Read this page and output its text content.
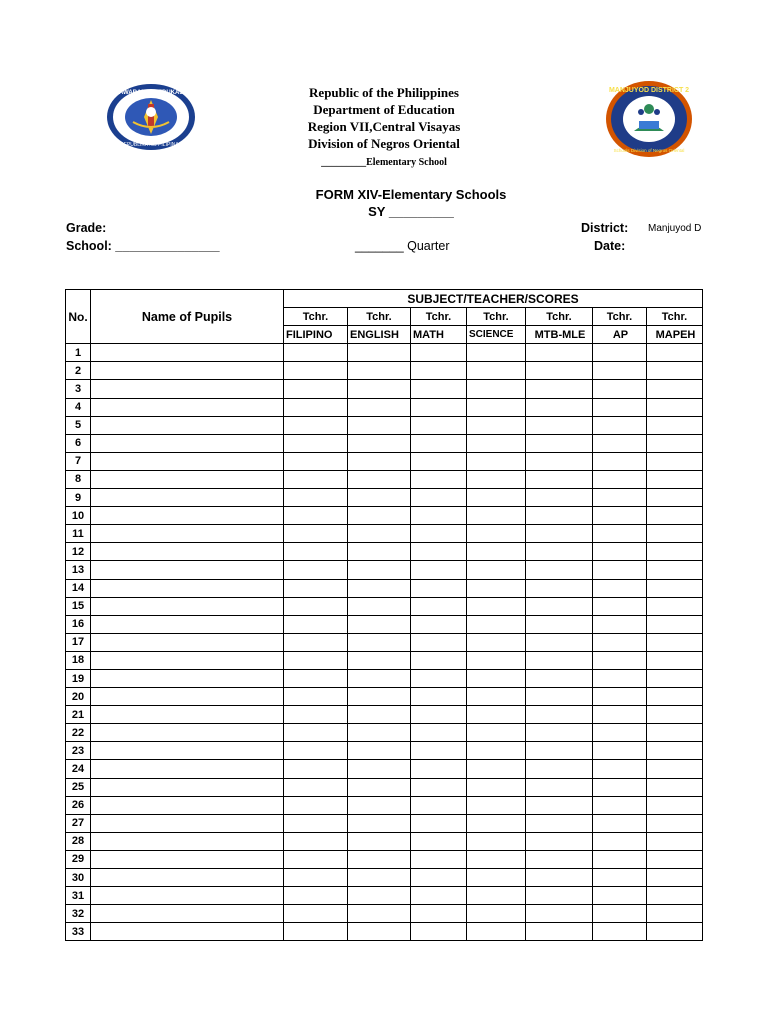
KAGAWARAN NG EDUKASYON
REPUBLIKA NG PILIPINAS
MANJUYOD DISTRICT 2
Schools Division of Negros Oriental
Republic of the Philippines
Department of Education
Region VII,Central Visayas
Division of Negros Oriental
_________Elementary School
FORM XIV-Elementary Schools
SY _________
Grade:
School: _______________	_______ Quarter
District: Manjuyod D
Date:
No.	Name of Pupils	SUBJECT/TEACHER/SCORES						
		Tchr.	Tchr.	Tchr.	Tchr.	Tchr.	Tchr.	Tchr.
		FILIPINO	ENGLISH	MATH	SCIENCE	MTB-MLE	AP	MAPEH
1								
2								
3								
4								
5								
6								
7								
8								
9								
10								
11								
12								
13								
14								
15								
16								
17								
18								
19								
20								
21								
22								
23								
24								
25								
26								
27								
28								
29								
30								
31								
32								
33								
